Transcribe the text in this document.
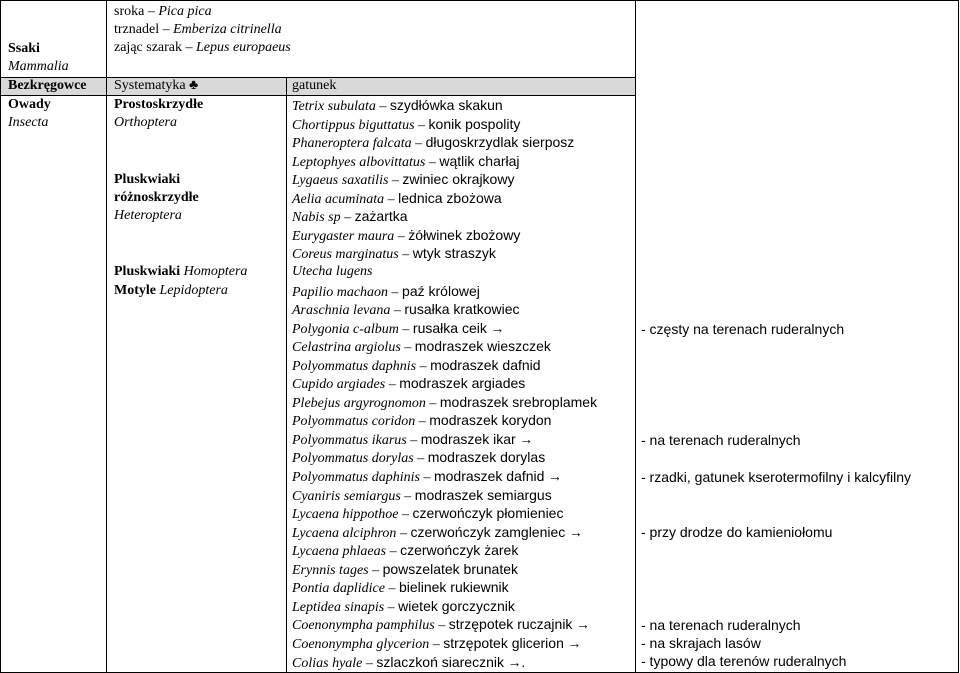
sroka – Pica pica
trznadel – Emberiza citrinella
zając szarak – Lepus europaeus
Ssaki
Mammalia
Bezkręgowce Systematyka ♣	gatunek
Owady
Insecta
Prostoskrzydłe
Orthoptera
Pluskwiaki
różnoskrzydłe
Heteroptera
Pluskwiaki Homoptera
Motyle Lepidoptera
Tetrix subulata – szydłówka skakun
Chortippus biguttatus – konik pospolity
Phaneroptera falcata – długoskrzydlak sierposz
Leptophyes albovittatus – wątlik charłaj
Lygaeus saxatilis – zwiniec okrajkowy
Aelia acuminata – lednica zbożowa
Nabis sp – zażartka
Eurygaster maura – żółwinek zbożowy
Coreus marginatus – wtyk straszyk
Utecha lugens
Papilio machaon – paź królowej
Araschnia levana – rusałka kratkowiec
Polygonia c-album – rusałka ceik →
Celastrina argiolus – modraszek wieszczek
Polyommatus daphnis – modraszek dafnid
Cupido argiades – modraszek argiades
Plebejus argyrognomon – modraszek srebroplamek
Polyommatus coridon – modraszek korydon
Polyommatus ikarus – modraszek ikar →
Polyommatus dorylas – modraszek dorylas
Polyommatus daphinis – modraszek dafnid →
Cyaniris semiargus – modraszek semiargus
Lycaena hippothoe – czerwończyk płomieniec
Lycaena alciphron – czerwończyk zamgleniec →
Lycaena phlaeas – czerwończyk żarek
Erynnis tages – powszelatek brunatek
Pontia daplidice – bielinek rukiewnik
Leptidea sinapis – wietek gorczycznik
Coenonympha pamphilus – strzępotek ruczajnik →
Coenonympha glycerion – strzępotek glicerion →
Colias hyale – szlaczkoń siarecznik →.
- częsty na terenach ruderalnych
- na terenach ruderalnych
- rzadki, gatunek kserotermofilny i kalcyfilny
- przy drodze do kamieniołomu
- na terenach ruderalnych
- na skrajach lasów
- typowy dla terenów ruderalnych
